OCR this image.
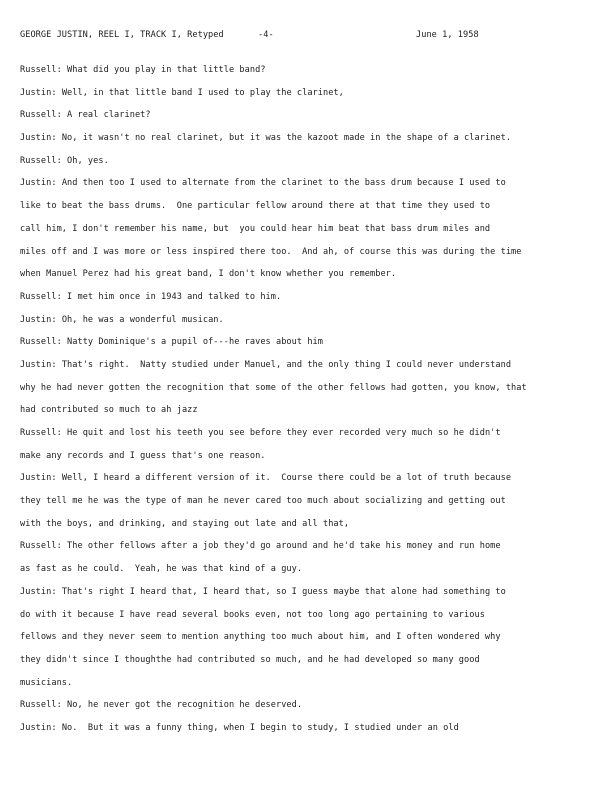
GEORGE JUSTIN, REEL I, TRACK I, Retyped	-4-	June 1, 1958
Russell: What did you play in that little band?
Justin: Well, in that little band I used to play the clarinet,
Russell: A real clarinet?
Justin: No, it wasn't no real clarinet, but it was the kazoot made in the shape of a clarinet.
Russell: Oh, yes.
Justin: And then too I used to alternate from the clarinet to the bass drum because I used to
like to beat the bass drums.  One particular fellow around there at that time they used to
call him, I don't remember his name, but  you could hear him beat that bass drum miles and
miles off and I was more or less inspired there too.  And ah, of course this was during the time
when Manuel Perez had his great band, I don't know whether you remember.
Russell: I met him once in 1943 and talked to him.
Justin: Oh, he was a wonderful musican.
Russell: Natty Dominique's a pupil of---he raves about him
Justin: That's right.  Natty studied under Manuel, and the only thing I could never understand
why he had never gotten the recognition that some of the other fellows had gotten, you know, that
had contributed so much to ah jazz
Russell: He quit and lost his teeth you see before they ever recorded very much so he didn't
make any records and I guess that's one reason.
Justin: Well, I heard a different version of it.  Course there could be a lot of truth because
they tell me he was the type of man he never cared too much about socializing and getting out
with the boys, and drinking, and staying out late and all that,
Russell: The other fellows after a job they'd go around and he'd take his money and run home
as fast as he could.  Yeah, he was that kind of a guy.
Justin: That's right I heard that, I heard that, so I guess maybe that alone had something to
do with it because I have read several books even, not too long ago pertaining to various
fellows and they never seem to mention anything too much about him, and I often wondered why
they didn't since I thoughthe had contributed so much, and he had developed so many good
musicians.
Russell: No, he never got the recognition he deserved.
Justin: No.  But it was a funny thing, when I begin to study, I studied under an old
